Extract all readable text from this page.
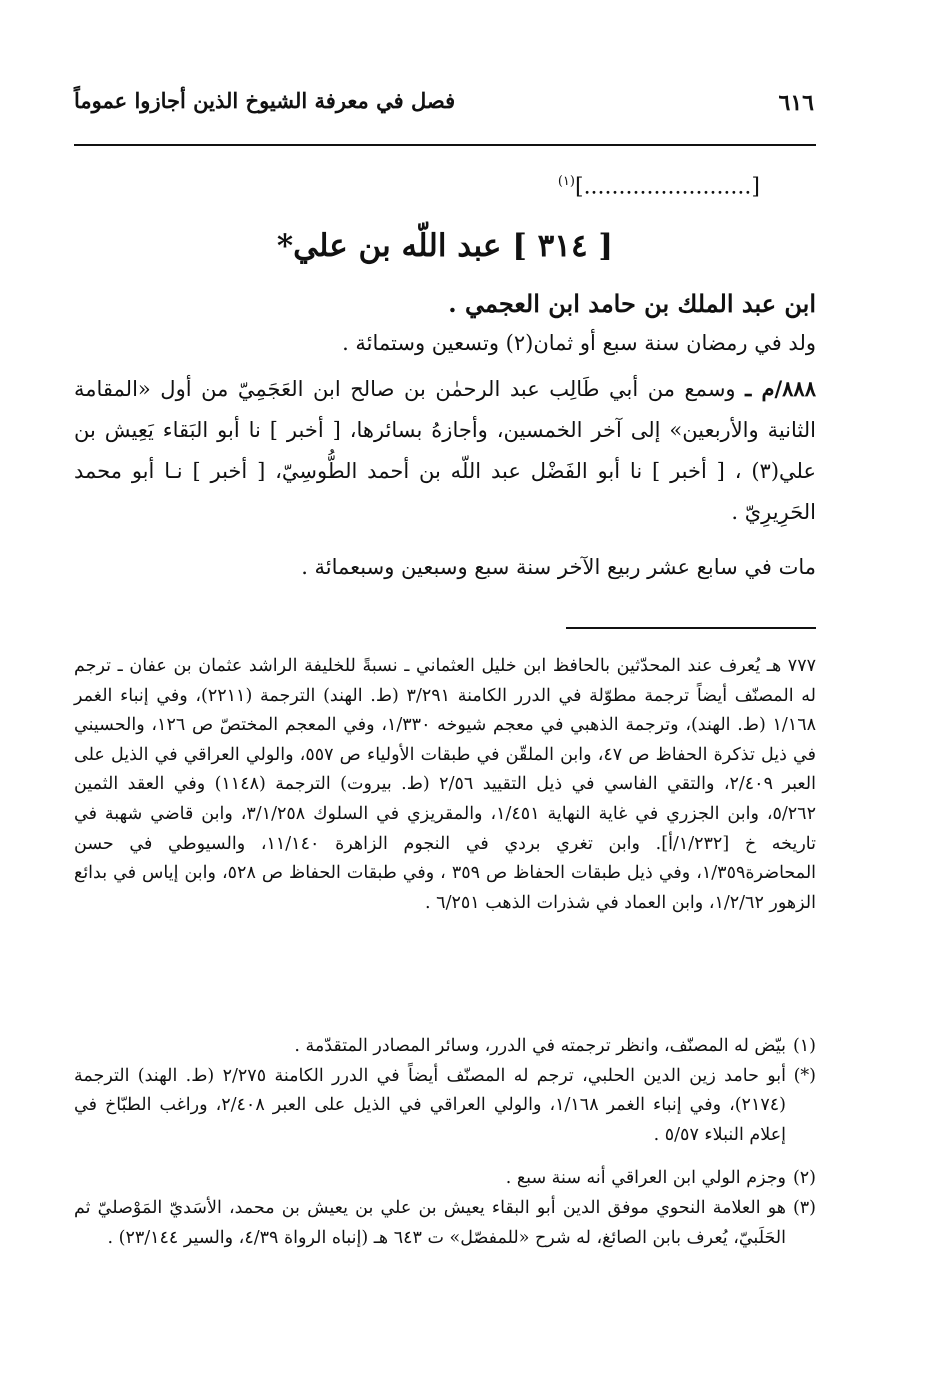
٦١٦
فصل في معرفة الشيوخ الذين أجازوا عموماً
[........................]$^{(١)}$
[ ٣١٤ ] عبد اللّه بن علي*
ابن عبد الملك بن حامد ابن العجمي .
ولد في رمضان سنة سبع أو ثمان(٢) وتسعين وستمائة .
٨٨٨/م ـ وسمع من أبي طَالِب عبد الرحمٰن بن صالح ابن العَجَمِيّ من أول «المقامة الثانية والأربعين» إلى آخر الخمسين، وأجازهُ بسائرها، [ أخبر ] نا أبو البَقاء يَعِيش بن علي(٣) ، [ أخبر ] نا أبو الفَضْل عبد اللّه بن أحمد الطُّوسِيّ، [ أخبر ] نـا أبو محمد الحَرِيرِيّ .
مات في سابع عشر ربيع الآخر سنة سبع وسبعين وسبعمائة .
٧٧٧ هـ يُعرف عند المحدّثين بالحافظ ابن خليل العثماني ـ نسبةً للخليفة الراشد عثمان بن عفان ـ ترجم له المصنّف أيضاً ترجمة مطوّلة في الدرر الكامنة ٣/٢٩١ (ط. الهند) الترجمة (٢٢١١)، وفي إنباء الغمر ١/١٦٨ (ط. الهند)، وترجمة الذهبي في معجم شيوخه ١/٣٣٠، وفي المعجم المختصّ ص ١٢٦، والحسيني في ذيل تذكرة الحفاظ ص ٤٧، وابن الملقّن في طبقات الأولياء ص ٥٥٧، والولي العراقي في الذيل على العبر ٢/٤٠٩، والتقي الفاسي في ذيل التقييد ٢/٥٦ (ط. بيروت) الترجمة (١١٤٨) وفي العقد الثمين ٥/٢٦٢، وابن الجزري في غاية النهاية ١/٤٥١، والمقريزي في السلوك ٣/١/٢٥٨، وابن قاضي شهبة في تاريخه خ [١/٢٣٢/أ]. وابن تغري بردي في النجوم الزاهرة ١١/١٤٠، والسيوطي في حسن المحاضرة١/٣٥٩، وفي ذيل طبقات الحفاظ ص ٣٥٩ ، وفي طبقات الحفاظ ص ٥٢٨، وابن إياس في بدائع الزهور ١/٢/٦٢، وابن العماد في شذرات الذهب ٦/٢٥١ .
(١)
بيّض له المصنّف، وانظر ترجمته في الدرر، وسائر المصادر المتقدّمة .
(*)
أبو حامد زين الدين الحلبي، ترجم له المصنّف أيضاً في الدرر الكامنة ٢/٢٧٥ (ط. الهند) الترجمة (٢١٧٤)، وفي إنباء الغمر ١/١٦٨، والولي العراقي في الذيل على العبر ٢/٤٠٨، وراغب الطبّاخ في إعلام النبلاء ٥/٥٧ .
(٢)
وجزم الولي ابن العراقي أنه سنة سبع .
(٣)
هو العلامة النحوي موفق الدين أبو البقاء يعيش بن علي بن يعيش بن محمد، الأسَديّ المَوْصليّ ثم الحَلَبيّ، يُعرف بابن الصائغ، له شرح «للمفصّل» ت ٦٤٣ هـ (إنباه الرواة ٤/٣٩، والسير ٢٣/١٤٤) .
